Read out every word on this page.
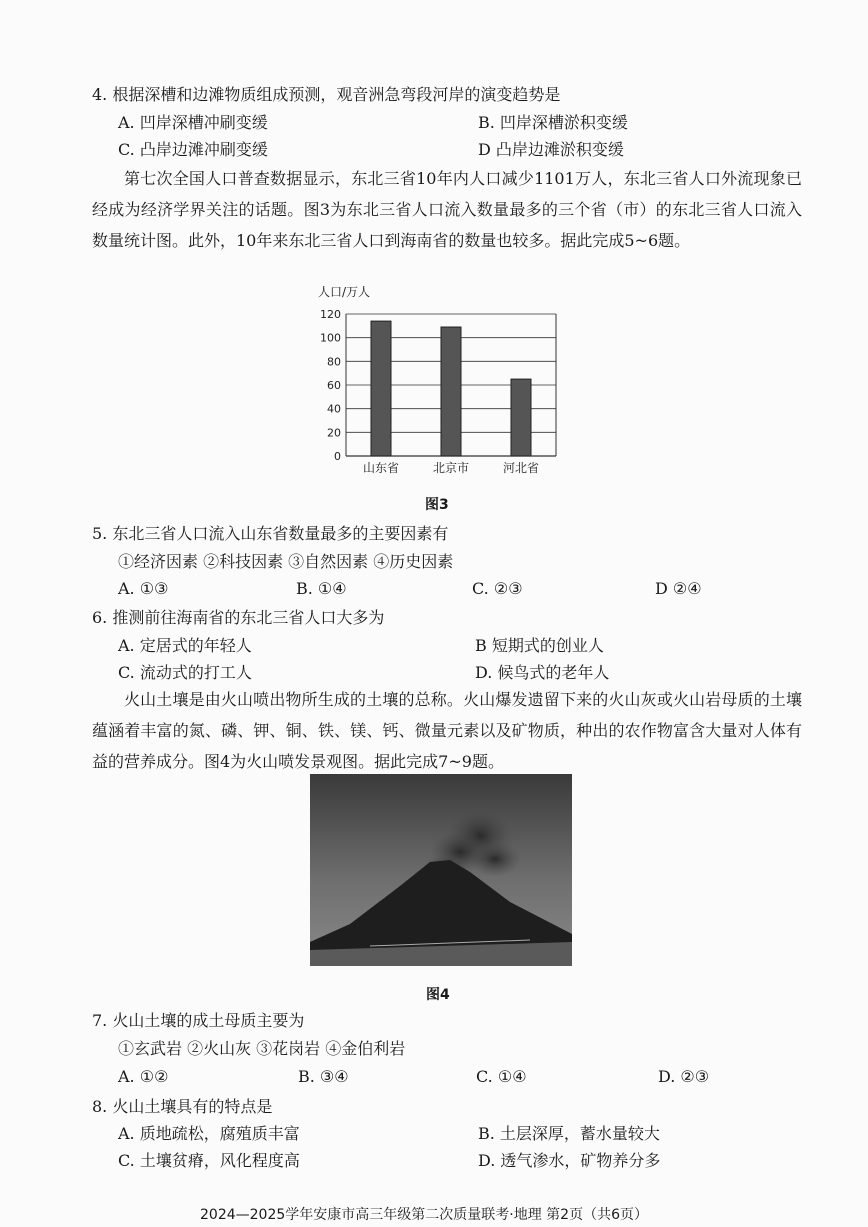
4. 根据深槽和边滩物质组成预测，观音洲急弯段河岸的演变趋势是
A. 凹岸深槽冲刷变缓	B. 凹岸深槽淤积变缓
C. 凸岸边滩冲刷变缓	D 凸岸边滩淤积变缓
第七次全国人口普查数据显示，东北三省10年内人口减少1101万人，东北三省人口外流现象已经成为经济学界关注的话题。图3为东北三省人口流入数量最多的三个省（市）的东北三省人口流入数量统计图。此外，10年来东北三省人口到海南省的数量也较多。据此完成5~6题。
人口/万人
0
20
40
60
80
100
120
山东省	北京市	河北省
图3
5. 东北三省人口流入山东省数量最多的主要因素有
①经济因素 ②科技因素 ③自然因素 ④历史因素
A. ①③	B. ①④	C. ②③	D ②④
6. 推测前往海南省的东北三省人口大多为
A. 定居式的年轻人	B 短期式的创业人
C. 流动式的打工人	D. 候鸟式的老年人
火山土壤是由火山喷出物所生成的土壤的总称。火山爆发遗留下来的火山灰或火山岩母质的土壤蕴涵着丰富的氮、磷、钾、铜、铁、镁、钙、微量元素以及矿物质，种出的农作物富含大量对人体有益的营养成分。图4为火山喷发景观图。据此完成7~9题。
图4
7. 火山土壤的成土母质主要为
①玄武岩 ②火山灰 ③花岗岩 ④金伯利岩
A. ①②	B. ③④	C. ①④	D. ②③
8. 火山土壤具有的特点是
A. 质地疏松，腐殖质丰富	B. 土层深厚，蓄水量较大
C. 土壤贫瘠，风化程度高	D. 透气渗水，矿物养分多
2024—2025学年安康市高三年级第二次质量联考·地理 第2页（共6页）
